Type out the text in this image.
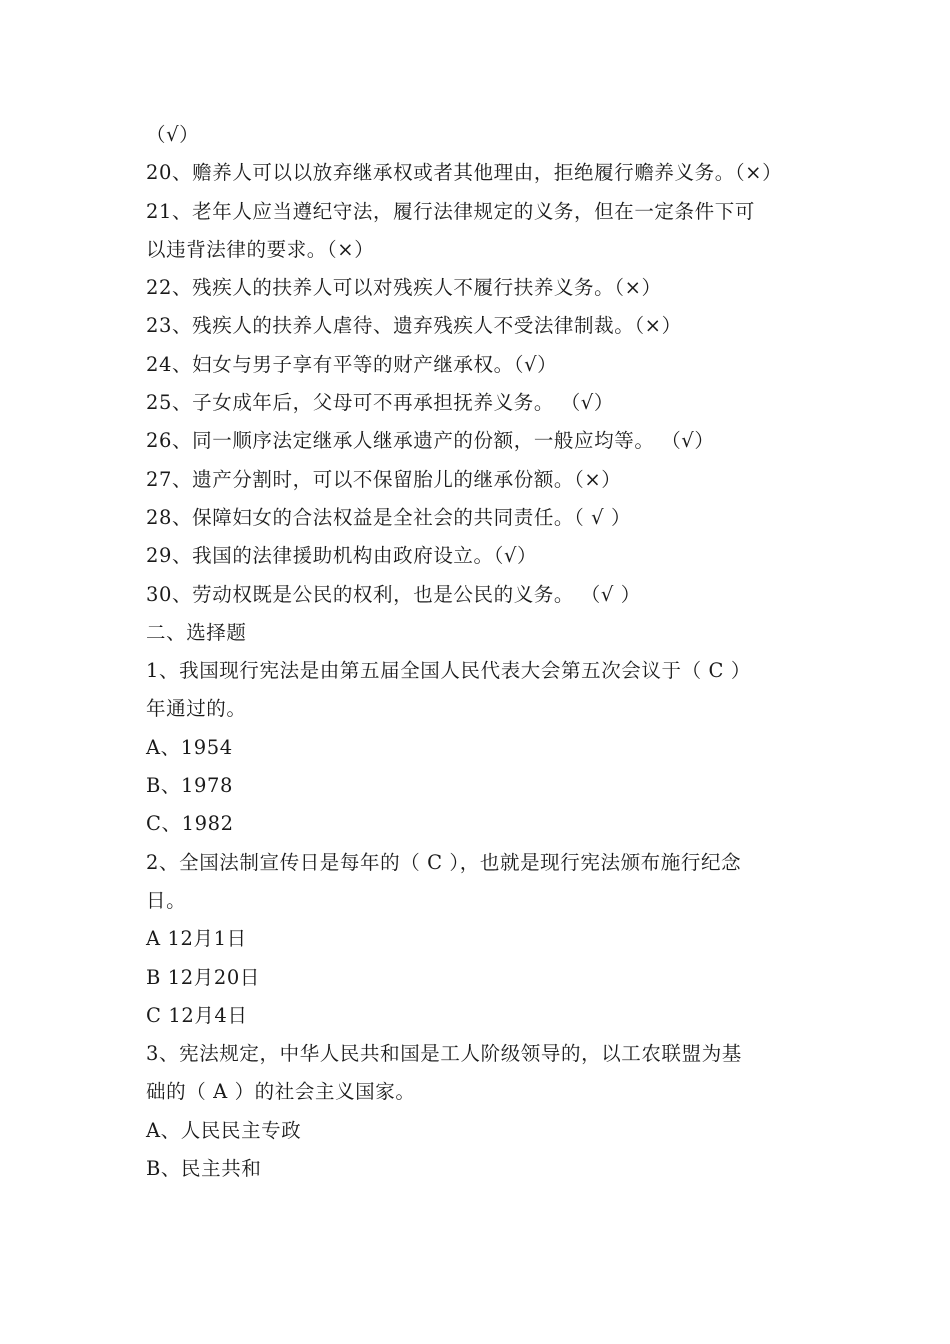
（√）
20、赡养人可以以放弃继承权或者其他理由，拒绝履行赡养义务。（×）
21、老年人应当遵纪守法，履行法律规定的义务，但在一定条件下可
以违背法律的要求。（×）
22、残疾人的扶养人可以对残疾人不履行扶养义务。（×）
23、残疾人的扶养人虐待、遗弃残疾人不受法律制裁。（×）
24、妇女与男子享有平等的财产继承权。（√）
25、子女成年后，父母可不再承担抚养义务。 （√）
26、同一顺序法定继承人继承遗产的份额，一般应均等。 （√）
27、遗产分割时，可以不保留胎儿的继承份额。（×）
28、保障妇女的合法权益是全社会的共同责任。（ √ ）
29、我国的法律援助机构由政府设立。（√）
30、劳动权既是公民的权利，也是公民的义务。 （√ ）
二、选择题
1、我国现行宪法是由第五届全国人民代表大会第五次会议于（ C ）
年通过的。
A、1954
B、1978
C、1982
2、全国法制宣传日是每年的（ C ），也就是现行宪法颁布施行纪念
日。
A 12月1日
B 12月20日
C 12月4日
3、宪法规定，中华人民共和国是工人阶级领导的，以工农联盟为基
础的（ A ）的社会主义国家。
A、人民民主专政
B、民主共和
